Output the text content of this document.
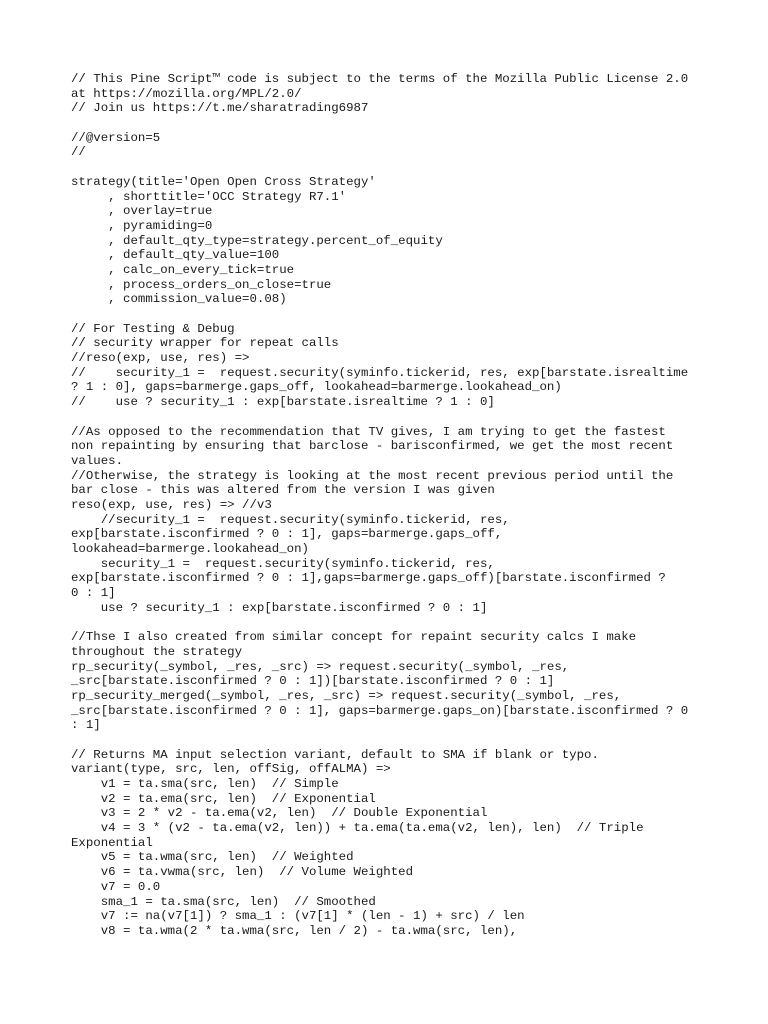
// This Pine Script™ code is subject to the terms of the Mozilla Public License 2.0
at https://mozilla.org/MPL/2.0/
// Join us https://t.me/sharatrading6987
//@version=5
//
strategy(title='Open Open Cross Strategy'
, shorttitle='OCC Strategy R7.1'
, overlay=true
, pyramiding=0
, default_qty_type=strategy.percent_of_equity
, default_qty_value=100
, calc_on_every_tick=true
, process_orders_on_close=true
, commission_value=0.08)
// For Testing & Debug
// security wrapper for repeat calls
//reso(exp, use, res) =>
//    security_1 =  request.security(syminfo.tickerid, res, exp[barstate.isrealtime
? 1 : 0], gaps=barmerge.gaps_off, lookahead=barmerge.lookahead_on)
//    use ? security_1 : exp[barstate.isrealtime ? 1 : 0]
//As opposed to the recommendation that TV gives, I am trying to get the fastest
non repainting by ensuring that barclose - barisconfirmed, we get the most recent
values.
//Otherwise, the strategy is looking at the most recent previous period until the
bar close - this was altered from the version I was given
reso(exp, use, res) => //v3
//security_1 =  request.security(syminfo.tickerid, res,
exp[barstate.isconfirmed ? 0 : 1], gaps=barmerge.gaps_off,
lookahead=barmerge.lookahead_on)
security_1 =  request.security(syminfo.tickerid, res,
exp[barstate.isconfirmed ? 0 : 1],gaps=barmerge.gaps_off)[barstate.isconfirmed ?
0 : 1]
use ? security_1 : exp[barstate.isconfirmed ? 0 : 1]
//Thse I also created from similar concept for repaint security calcs I make
throughout the strategy
rp_security(_symbol, _res, _src) => request.security(_symbol, _res,
_src[barstate.isconfirmed ? 0 : 1])[barstate.isconfirmed ? 0 : 1]
rp_security_merged(_symbol, _res, _src) => request.security(_symbol, _res,
_src[barstate.isconfirmed ? 0 : 1], gaps=barmerge.gaps_on)[barstate.isconfirmed ? 0
: 1]
// Returns MA input selection variant, default to SMA if blank or typo.
variant(type, src, len, offSig, offALMA) =>
v1 = ta.sma(src, len)  // Simple
v2 = ta.ema(src, len)  // Exponential
v3 = 2 * v2 - ta.ema(v2, len)  // Double Exponential
v4 = 3 * (v2 - ta.ema(v2, len)) + ta.ema(ta.ema(v2, len), len)  // Triple
Exponential
v5 = ta.wma(src, len)  // Weighted
v6 = ta.vwma(src, len)  // Volume Weighted
v7 = 0.0
sma_1 = ta.sma(src, len)  // Smoothed
v7 := na(v7[1]) ? sma_1 : (v7[1] * (len - 1) + src) / len
v8 = ta.wma(2 * ta.wma(src, len / 2) - ta.wma(src, len),
